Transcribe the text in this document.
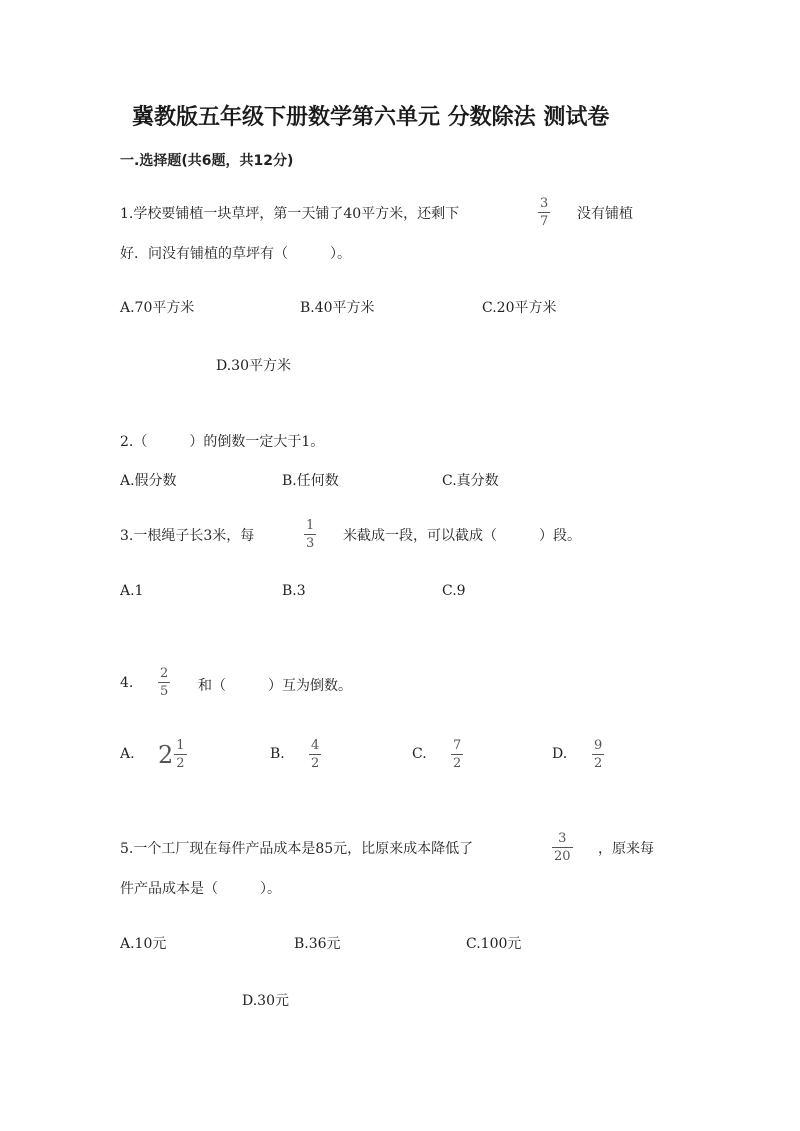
冀教版五年级下册数学第六单元 分数除法 测试卷
一.选择题(共6题，共12分)
1.学校要铺植一块草坪，第一天铺了40平方米，还剩下
3
7 没有铺植
好．问没有铺植的草坪有（　　　）。
A.70平方米	B.40平方米	C.20平方米
D.30平方米
2.（　　　）的倒数一定大于1。
A.假分数	B.任何数	C.真分数
3.一根绳子长3米，每
1
3 米截成一段，可以截成（　　　）段。
A.1	B.3	C.9
4.
2
5 和（　　　）互为倒数。
A. $2 \frac{1}{2}$	B.
4
2
C.
7
2
D.
9
2
5.一个工厂现在每件产品成本是85元，比原来成本降低了
3
20 ，原来每
件产品成本是（　　　）。
A.10元	B.36元	C.100元
D.30元
